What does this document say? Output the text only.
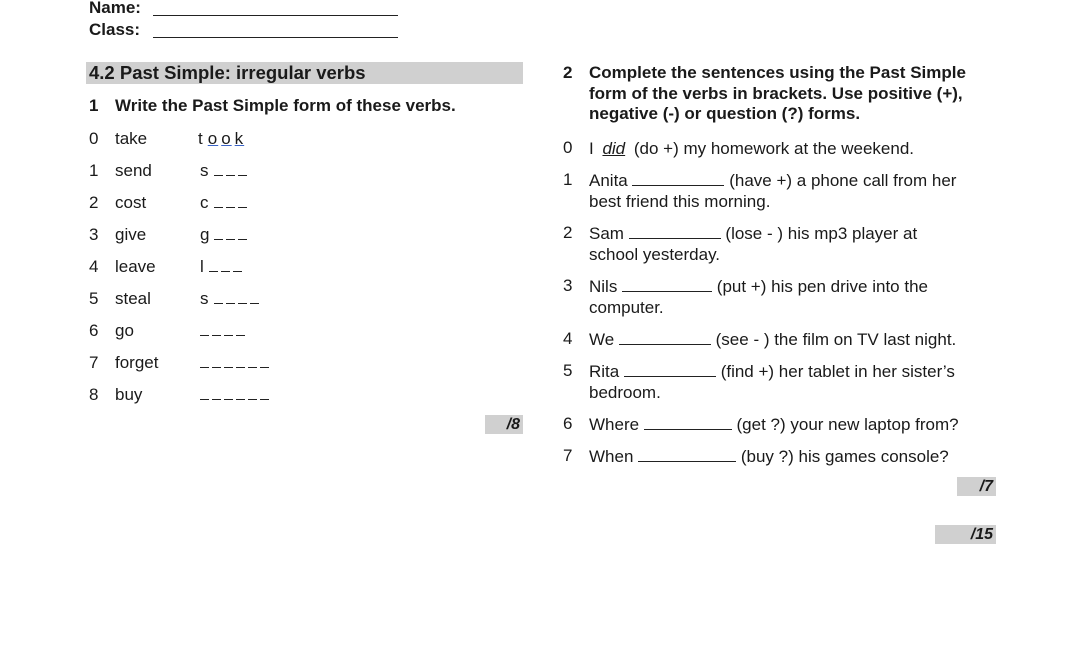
Name:
Class:
4.2 Past Simple: irregular verbs
1 Write the Past Simple form of these verbs.
0 take	t o o k
1 send	s
2 cost	c
3 give	g
4 leave	l
5 steal	s
6 go
7 forget
8 buy
/8
2 Complete the sentences using the Past Simple
form of the verbs in brackets. Use positive (+),
negative (-) or question (?) forms.
0 I did (do +) my homework at the weekend.
1 Anita	(have +) a phone call from her
best friend this morning.
2 Sam	(lose - ) his mp3 player at
school yesterday.
3 Nils	(put +) his pen drive into the
computer.
4 We	(see - ) the film on TV last night.
5 Rita	(find +) her tablet in her sister’s
bedroom.
6 Where	(get ?) your new laptop from?
7 When	(buy ?) his games console?
/7
/15
